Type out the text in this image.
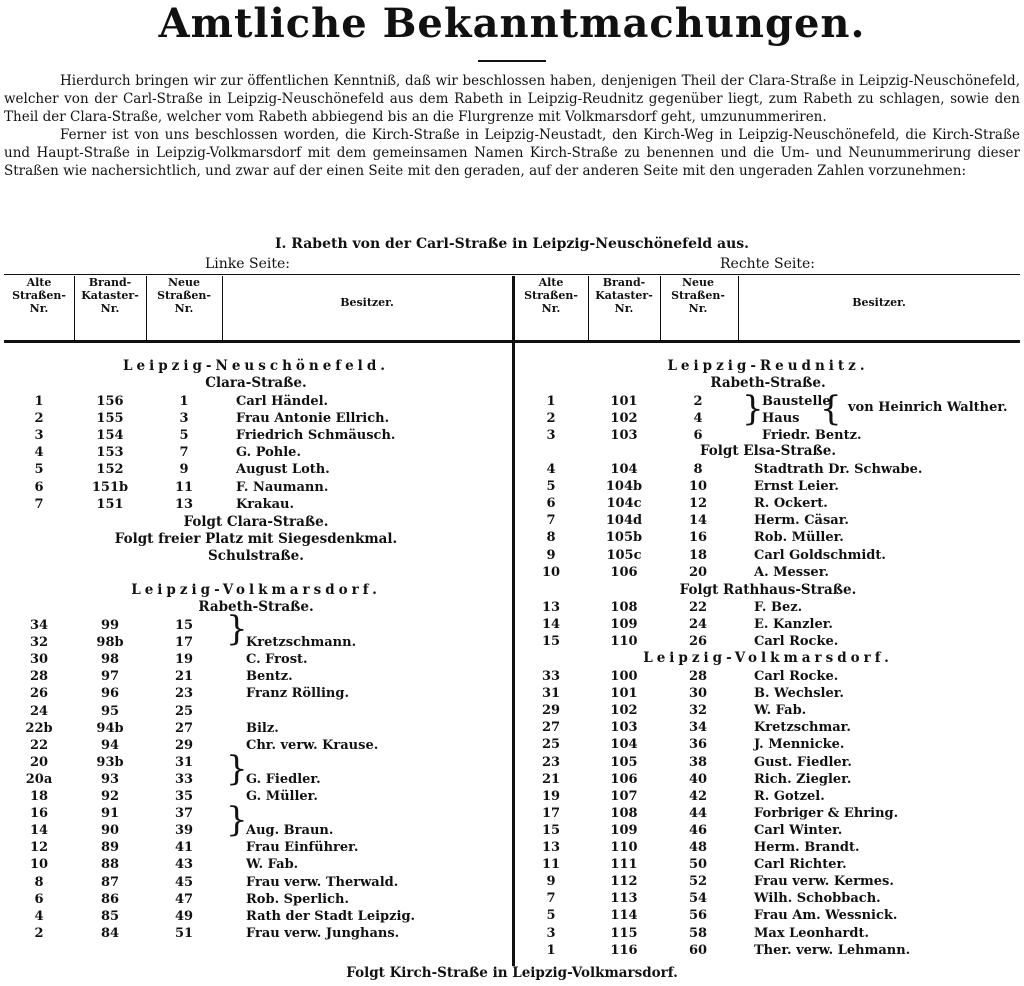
Amtliche Bekanntmachungen.

Hierdurch bringen wir zur öffentlichen Kenntniß, daß wir beschlossen haben, denjenigen Theil der Clara-Straße in Leipzig-Neuschönefeld, welcher von der Carl-Straße in Leipzig-Neuschönefeld aus dem Rabeth in Leipzig-Reudnitz gegenüber liegt, zum Rabeth zu schlagen, sowie den Theil der Clara-Straße, welcher vom Rabeth abbiegend bis an die Flurgrenze mit Volkmarsdorf geht, umzunummeriren.

Ferner ist von uns beschlossen worden, die Kirch-Straße in Leipzig-Neustadt, den Kirch-Weg in Leipzig-Neuschönefeld, die Kirch-Straße und Haupt-Straße in Leipzig-Volkmarsdorf mit dem gemeinsamen Namen Kirch-Straße zu benennen und die Um- und Neunummerirung dieser Straßen wie nachersichtlich, und zwar auf der einen Seite mit den geraden, auf der anderen Seite mit den ungeraden Zahlen vorzunehmen:

I. Rabeth von der Carl-Straße in Leipzig-Neuschönefeld aus.
Linke Seite:	Rechte Seite:
Alte Straßen-Nr.
Brand-Kataster-Nr.
Neue Straßen-Nr.	Besitzer.
Alte Straßen-Nr.
Brand-Kataster-Nr.
Neue Straßen-Nr.	Besitzer.
Leipzig-Neuschönefeld.
Clara-Straße.
1	156	1	Carl Händel.
2	155	3	Frau Antonie Ellrich.
3	154	5	Friedrich Schmäusch.
4	153	7	G. Pohle.
5	152	9	August Loth.
6	151b	11	F. Naumann.
7	151	13	Krakau.
Folgt Clara-Straße.
Folgt freier Platz mit Siegesdenkmal.
Schulstraße.
Leipzig-Volkmarsdorf.
Rabeth-Straße.
34	99	15
32	98b	17	Kretzschmann.
30	98	19	C. Frost.
28	97	21	Bentz.
26	96	23	Franz Rölling.
24	95	25
22b	94b	27	Bilz.
22	94	29	Chr. verw. Krause.
20	93b	31
20a	93	33	G. Fiedler.
18	92	35	G. Müller.
16	91	37
14	90	39	Aug. Braun.
12	89	41	Frau Einführer.
10	88	43	W. Fab.
8	87	45	Frau verw. Therwald.
6	86	47	Rob. Sperlich.
4	85	49	Rath der Stadt Leipzig.
2	84	51	Frau verw. Junghans.
}
}
}
Leipzig-Reudnitz.
Rabeth-Straße.
1	101	2	Baustelle
2	102	4	Haus
3	103	6	Friedr. Bentz.
} { von Heinrich Walther.
Folgt Elsa-Straße.
4	104	8	Stadtrath Dr. Schwabe.
5	104b	10	Ernst Leier.
6	104c	12	R. Ockert.
7	104d	14	Herm. Cäsar.
8	105b	16	Rob. Müller.
9	105c	18	Carl Goldschmidt.
10	106	20	A. Messer.
Folgt Rathhaus-Straße.
13	108	22	F. Bez.
14	109	24	E. Kanzler.
15	110	26	Carl Rocke.
Leipzig-Volkmarsdorf.
33	100	28	Carl Rocke.
31	101	30	B. Wechsler.
29	102	32	W. Fab.
27	103	34	Kretzschmar.
25	104	36	J. Mennicke.
23	105	38	Gust. Fiedler.
21	106	40	Rich. Ziegler.
19	107	42	R. Gotzel.
17	108	44	Forbriger & Ehring.
15	109	46	Carl Winter.
13	110	48	Herm. Brandt.
11	111	50	Carl Richter.
9	112	52	Frau verw. Kermes.
7	113	54	Wilh. Schobbach.
5	114	56	Frau Am. Wessnick.
3	115	58	Max Leonhardt.
1	116	60	Ther. verw. Lehmann.
Folgt Kirch-Straße in Leipzig-Volkmarsdorf.
